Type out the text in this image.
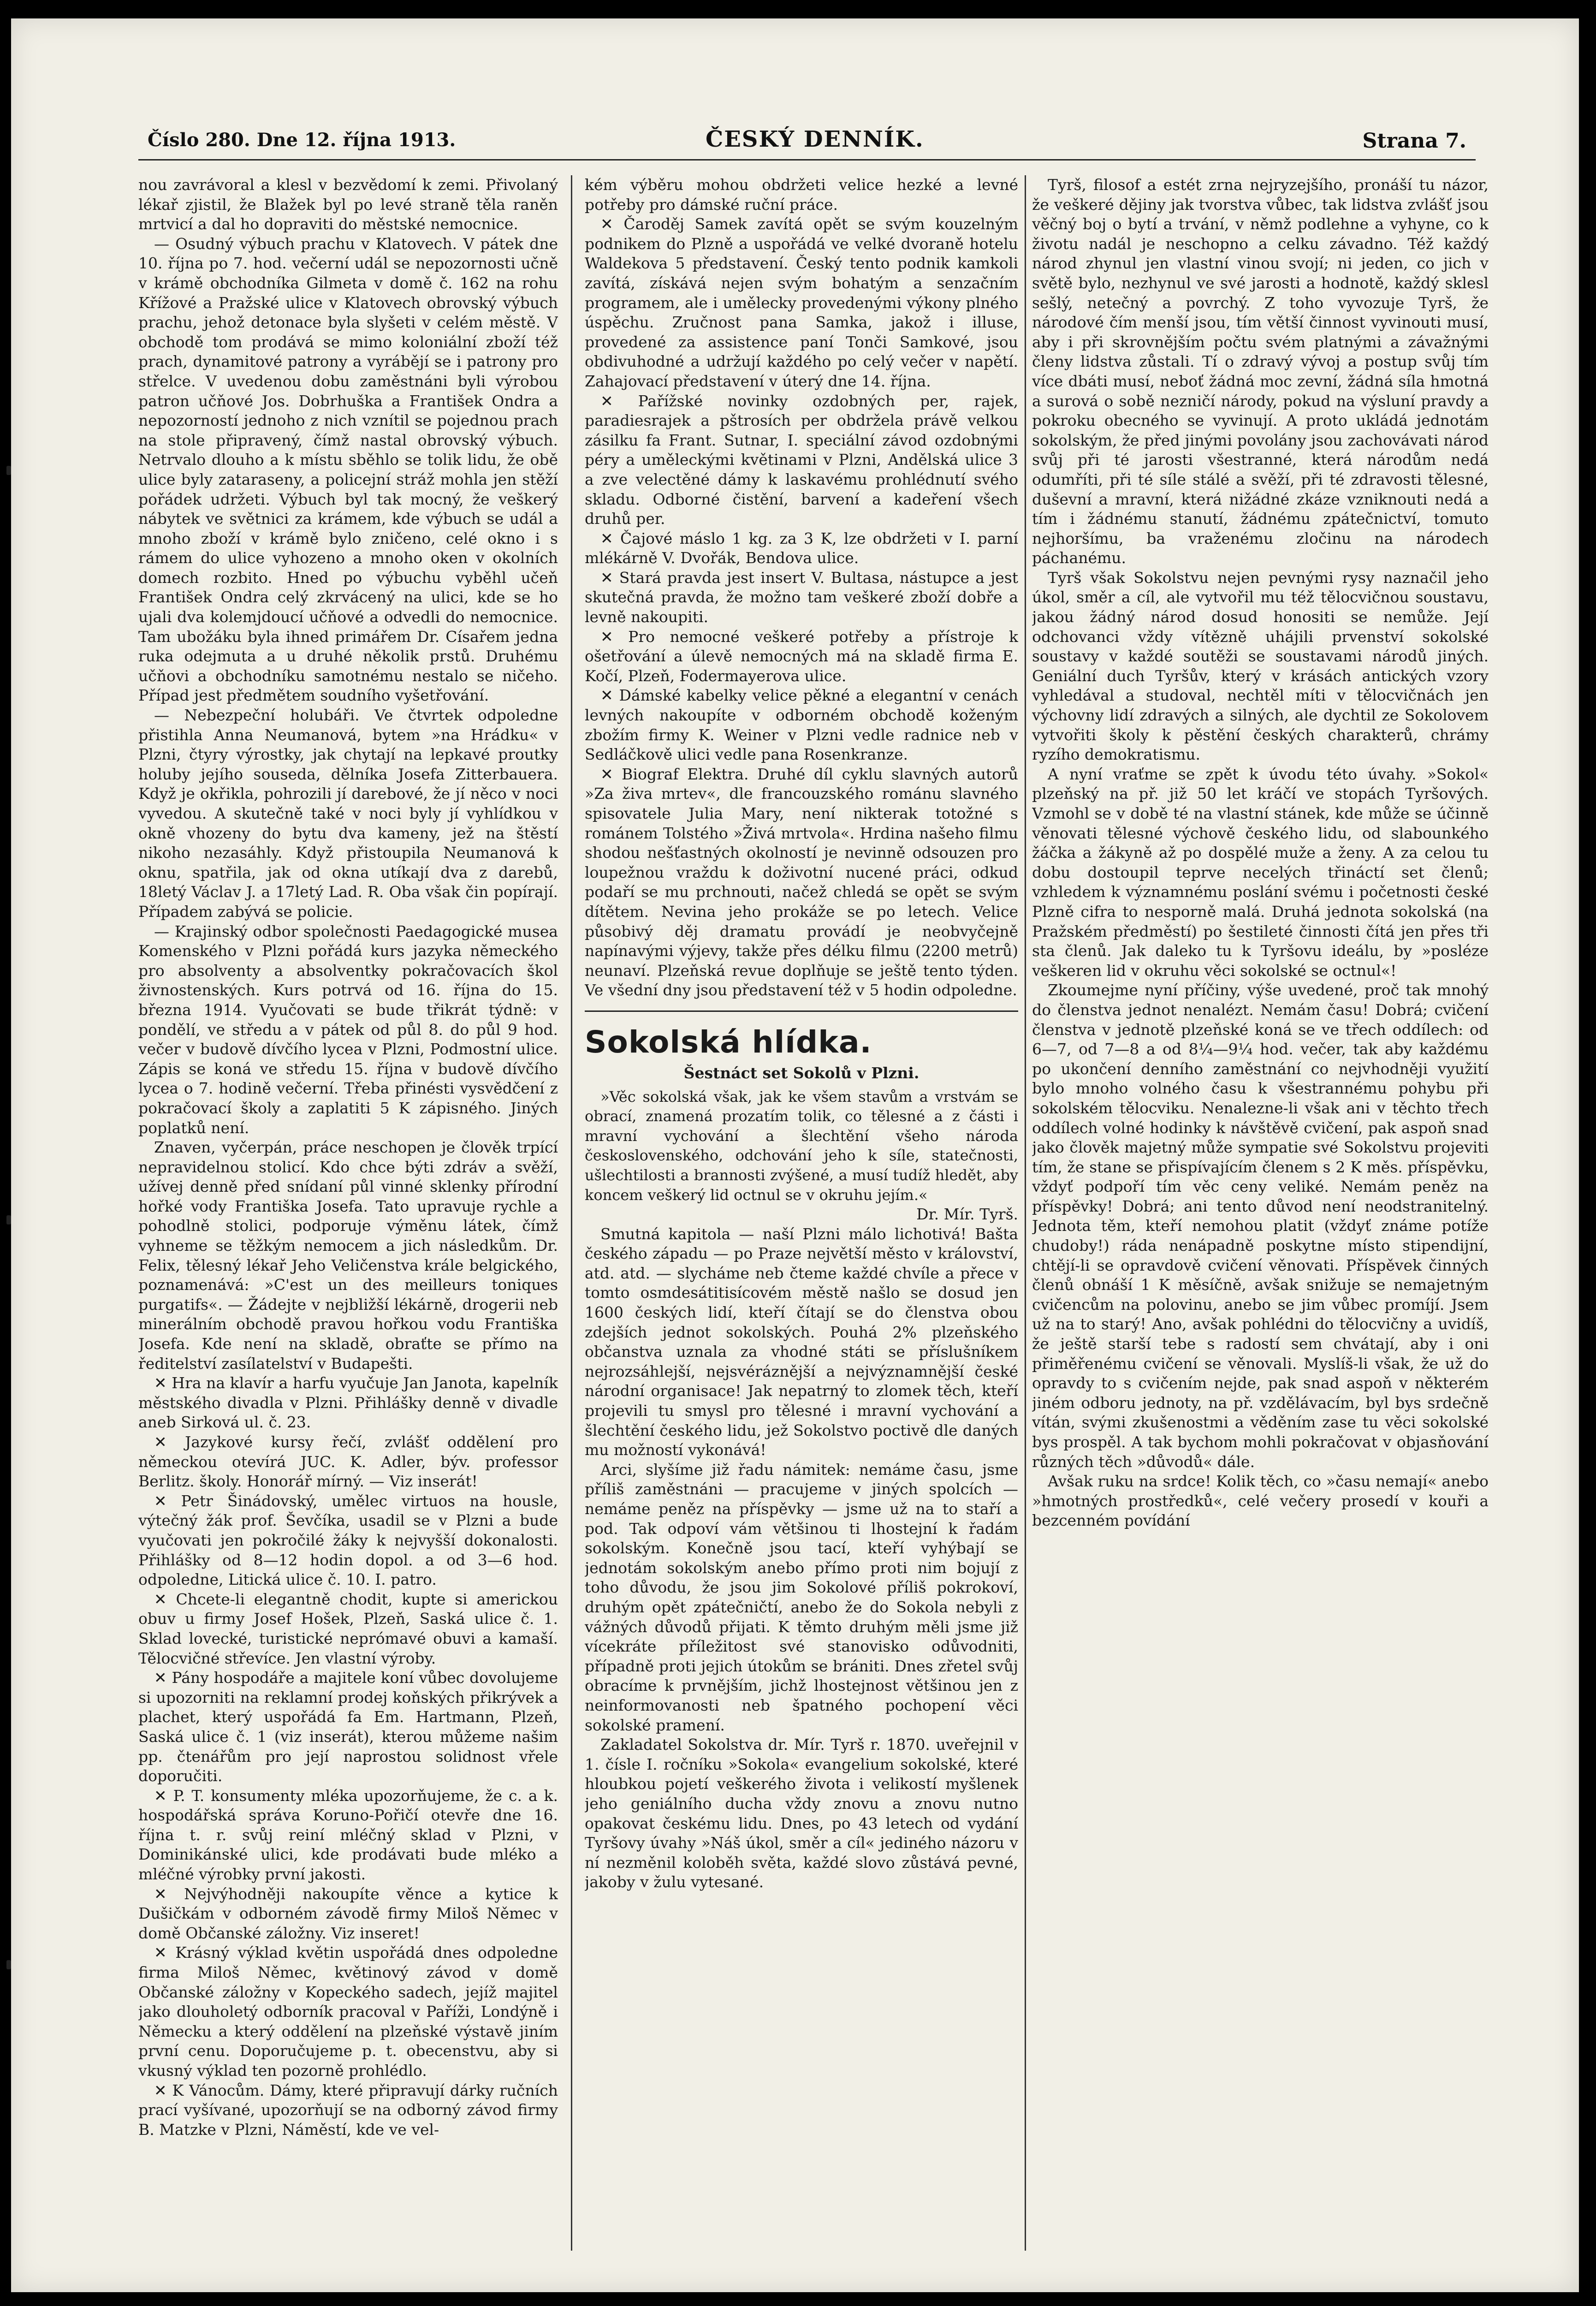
Číslo 280. Dne 12. října 1913.	ČESKÝ DENNÍK.	Strana 7.

nou zavrávoral a klesl v bezvědomí k zemi. Přivolaný lékař zjistil, že Blažek byl po levé straně těla raněn mrtvicí a dal ho dopraviti do městské nemocnice.

— Osudný výbuch prachu v Klatovech. V pátek dne 10. října po 7. hod. večerní udál se nepozornosti učně v krámě obchodníka Gilmeta v domě č. 162 na rohu Křížové a Pražské ulice v Klatovech obrovský výbuch prachu, jehož detonace byla slyšeti v celém městě. V obchodě tom prodává se mimo koloniální zboží též prach, dynamitové patrony a vyrábějí se i patrony pro střelce. V uvedenou dobu zaměstnáni byli výrobou patron učňové Jos. Dobrhuška a František Ondra a nepozorností jednoho z nich vznítil se pojednou prach na stole připravený, čímž nastal obrovský výbuch. Netrvalo dlouho a k místu sběhlo se tolik lidu, že obě ulice byly zataraseny, a policejní stráž mohla jen stěží pořádek udržeti. Výbuch byl tak mocný, že veškerý nábytek ve světnici za krámem, kde výbuch se udál a mnoho zboží v krámě bylo zničeno, celé okno i s rámem do ulice vyhozeno a mnoho oken v okolních domech rozbito. Hned po výbuchu vyběhl učeň František Ondra celý zkrvácený na ulici, kde se ho ujali dva kolemjdoucí učňové a odvedli do nemocnice. Tam ubožáku byla ihned primářem Dr. Císařem jedna ruka odejmuta a u druhé několik prstů. Druhému učňovi a obchodníku samotnému nestalo se ničeho. Případ jest předmětem soudního vyšetřování.

— Nebezpeční holubáři. Ve čtvrtek odpoledne přistihla Anna Neumanová, bytem »na Hrádku« v Plzni, čtyry výrostky, jak chytají na lepkavé proutky holuby jejího souseda, dělníka Josefa Zitterbauera. Když je okřikla, pohrozili jí darebové, že jí něco v noci vyvedou. A skutečně také v noci byly jí vyhlídkou v okně vhozeny do bytu dva kameny, jež na štěstí nikoho nezasáhly. Když přistoupila Neumanová k oknu, spatřila, jak od okna utíkají dva z darebů, 18letý Václav J. a 17letý Lad. R. Oba však čin popírají. Případem zabývá se policie.

— Krajinský odbor společnosti Paedagogické musea Komenského v Plzni pořádá kurs jazyka německého pro absolventy a absolventky pokračovacích škol živnostenských. Kurs potrvá od 16. října do 15. března 1914. Vyučovati se bude třikrát týdně: v pondělí, ve středu a v pátek od půl 8. do půl 9 hod. večer v budově dívčího lycea v Plzni, Podmostní ulice. Zápis se koná ve středu 15. října v budově dívčího lycea o 7. hodině večerní. Třeba přinésti vysvědčení z pokračovací školy a zaplatiti 5 K zápisného. Jiných poplatků není.

Znaven, vyčerpán, práce neschopen je člověk trpící nepravidelnou stolicí. Kdo chce býti zdráv a svěží, užívej denně před snídaní půl vinné sklenky přírodní hořké vody Františka Josefa. Tato upravuje rychle a pohodlně stolici, podporuje výměnu látek, čímž vyhneme se těžkým nemocem a jich následkům. Dr. Felix, tělesný lékař Jeho Veličenstva krále belgického, poznamenává: »C'est un des meilleurs toniques purgatifs«. — Žádejte v nejbližší lékárně, drogerii neb minerálním obchodě pravou hořkou vodu Františka Josefa. Kde není na skladě, obraťte se přímo na ředitelství zasílatelství v Budapešti.

✕ Hra na klavír a harfu vyučuje Jan Janota, kapelník městského divadla v Plzni. Přihlášky denně v divadle aneb Sirková ul. č. 23.

✕ Jazykové kursy řečí, zvlášť oddělení pro německou otevírá JUC. K. Adler, býv. professor Berlitz. školy. Honorář mírný. — Viz inserát!

✕ Petr Šinádovský, umělec virtuos na housle, výtečný žák prof. Ševčíka, usadil se v Plzni a bude vyučovati jen pokročilé žáky k nejvyšší dokonalosti. Přihlášky od 8—12 hodin dopol. a od 3—6 hod. odpoledne, Litická ulice č. 10. I. patro.

✕ Chcete-li elegantně chodit, kupte si americkou obuv u firmy Josef Hošek, Plzeň, Saská ulice č. 1. Sklad lovecké, turistické neprómavé obuvi a kamaší. Tělocvičné střevíce. Jen vlastní výroby.

✕ Pány hospodáře a majitele koní vůbec dovolujeme si upozorniti na reklamní prodej koňských přikrývek a plachet, který uspořádá fa Em. Hartmann, Plzeň, Saská ulice č. 1 (viz inserát), kterou můžeme našim pp. čtenářům pro její naprostou solidnost vřele doporučiti.

✕ P. T. konsumenty mléka upozorňujeme, že c. a k. hospodářská správa Koruno-Pořičí otevře dne 16. října t. r. svůj reiní mléčný sklad v Plzni, v Dominikánské ulici, kde prodávati bude mléko a mléčné výrobky první jakosti.

✕ Nejvýhodněji nakoupíte věnce a kytice k Dušičkám v odborném závodě firmy Miloš Němec v domě Občanské záložny. Viz inseret!

✕ Krásný výklad květin uspořádá dnes odpoledne firma Miloš Němec, květinový závod v domě Občanské záložny v Kopeckého sadech, jejíž majitel jako dlouholetý odborník pracoval v Paříži, Londýně i Německu a který oddělení na plzeňské výstavě jiním první cenu. Doporučujeme p. t. obecenstvu, aby si vkusný výklad ten pozorně prohlédlo.

✕ K Vánocům. Dámy, které připravují dárky ručních prací vyšívané, upozorňují se na odborný závod firmy B. Matzke v Plzni, Náměstí, kde ve vel-

kém výběru mohou obdržeti velice hezké a levné potřeby pro dámské ruční práce.

✕ Čaroděj Samek zavítá opět se svým kouzelným podnikem do Plzně a uspořádá ve velké dvoraně hotelu Waldekova 5 představení. Český tento podnik kamkoli zavítá, získává nejen svým bohatým a senzačním programem, ale i umělecky provedenými výkony plného úspěchu. Zručnost pana Samka, jakož i illuse, provedené za assistence paní Tonči Samkové, jsou obdivuhodné a udržují každého po celý večer v napětí. Zahajovací představení v úterý dne 14. října.

✕ Pařížské novinky ozdobných per, rajek, paradiesrajek a pštrosích per obdržela právě velkou zásilku fa Frant. Sutnar, I. speciální závod ozdobnými péry a uměleckými květinami v Plzni, Andělská ulice 3 a zve velectěné dámy k laskavému prohlédnutí svého skladu. Odborné čistění, barvení a kadeření všech druhů per.

✕ Čajové máslo 1 kg. za 3 K, lze obdržeti v I. parní mlékárně V. Dvořák, Bendova ulice.

✕ Stará pravda jest insert V. Bultasa, nástupce a jest skutečná pravda, že možno tam veškeré zboží dobře a levně nakoupiti.

✕ Pro nemocné veškeré potřeby a přístroje k ošetřování a úlevě nemocných má na skladě firma E. Kočí, Plzeň, Fodermayerova ulice.

✕ Dámské kabelky velice pěkné a elegantní v cenách levných nakoupíte v odborném obchodě koženým zbožím firmy K. Weiner v Plzni vedle radnice neb v Sedláčkově ulici vedle pana Rosenkranze.

✕ Biograf Elektra. Druhé díl cyklu slavných autorů »Za živa mrtev«, dle francouzského románu slavného spisovatele Julia Mary, není nikterak totožné s románem Tolstého »Živá mrtvola«. Hrdina našeho filmu shodou nešťastných okolností je nevinně odsouzen pro loupežnou vraždu k doživotní nucené práci, odkud podaří se mu prchnouti, načež chledá se opět se svým dítětem. Nevina jeho prokáže se po letech. Velice působivý děj dramatu provádí je neobvyčejně napínavými výjevy, takže přes délku filmu (2200 metrů) neunaví. Plzeňská revue doplňuje se ještě tento týden. Ve všední dny jsou představení též v 5 hodin odpoledne.

Sokolská hlídka.

Šestnáct set Sokolů v Plzni.

»Věc sokolská však, jak ke všem stavům a vrstvám se obrací, znamená prozatím tolik, co tělesné a z části i mravní vychování a šlechtění všeho národa československého, odchování jeho k síle, statečnosti, ušlechtilosti a brannosti zvýšené, a musí tudíž hledět, aby koncem veškerý lid octnul se v okruhu jejím.«

Dr. Mír. Tyrš.

Smutná kapitola — naší Plzni málo lichotivá! Bašta českého západu — po Praze největší město v království, atd. atd. — slycháme neb čteme každé chvíle a přece v tomto osmdesátitisícovém městě našlo se dosud jen 1600 českých lidí, kteří čítají se do členstva obou zdejších jednot sokolských. Pouhá 2% plzeňského občanstva uznala za vhodné státi se příslušníkem nejrozsáhlejší, nejsvéráznější a nejvýznamnější české národní organisace! Jak nepatrný to zlomek těch, kteří projevili tu smysl pro tělesné i mravní vychování a šlechtění českého lidu, jež Sokolstvo poctivě dle daných mu možností vykonává!

Arci, slyšíme již řadu námitek: nemáme času, jsme příliš zaměstnáni — pracujeme v jiných spolcích — nemáme peněz na příspěvky — jsme už na to staří a pod. Tak odpoví vám většinou ti lhostejní k řadám sokolským. Konečně jsou tací, kteří vyhýbají se jednotám sokolským anebo přímo proti nim bojují z toho důvodu, že jsou jim Sokolové příliš pokrokoví, druhým opět zpátečničtí, anebo že do Sokola nebyli z vážných důvodů přijati. K těmto druhým měli jsme již vícekráte příležitost své stanovisko odůvodniti, případně proti jejich útokům se brániti. Dnes zřetel svůj obracíme k prvnějším, jichž lhostejnost většinou jen z neinformovanosti neb špatného pochopení věci sokolské pramení.

Zakladatel Sokolstva dr. Mír. Tyrš r. 1870. uveřejnil v 1. čísle I. ročníku »Sokola« evangelium sokolské, které hloubkou pojetí veškerého života i velikostí myšlenek jeho geniálního ducha vždy znovu a znovu nutno opakovat českému lidu. Dnes, po 43 letech od vydání Tyršovy úvahy »Náš úkol, směr a cíl« jediného názoru v ní nezměnil koloběh světa, každé slovo zůstává pevné, jakoby v žulu vytesané.

Tyrš, filosof a estét zrna nejryzejšího, pronáší tu názor, že veškeré dějiny jak tvorstva vůbec, tak lidstva zvlášť jsou věčný boj o bytí a trvání, v němž podlehne a vyhyne, co k životu nadál je neschopno a celku závadno. Též každý národ zhynul jen vlastní vinou svojí; ni jeden, co jich v světě bylo, nezhynul ve své jarosti a hodnotě, každý sklesl sešlý, netečný a povrchý. Z toho vyvozuje Tyrš, že národové čím menší jsou, tím větší činnost vyvinouti musí, aby i při skrovnějším počtu svém platnými a závažnými členy lidstva zůstali. Tí o zdravý vývoj a postup svůj tím více dbáti musí, neboť žádná moc zevní, žádná síla hmotná a surová o sobě nezničí národy, pokud na výsluní pravdy a pokroku obecného se vyvinují. A proto ukládá jednotám sokolským, že před jinými povolány jsou zachovávati národ svůj při té jarosti všestranné, která národům nedá odumříti, při té síle stálé a svěží, při té zdravosti tělesné, duševní a mravní, která nižádné zkáze vzniknouti nedá a tím i žádnému stanutí, žádnému zpátečnictví, tomuto nejhoršímu, ba vraženému zločinu na národech páchanému.

Tyrš však Sokolstvu nejen pevnými rysy naznačil jeho úkol, směr a cíl, ale vytvořil mu též tělocvičnou soustavu, jakou žádný národ dosud honositi se nemůže. Její odchovanci vždy vítězně uhájili prvenství sokolské soustavy v každé soutěži se soustavami národů jiných. Geniální duch Tyršův, který v krásách antických vzory vyhledával a studoval, nechtěl míti v tělocvičnách jen výchovny lidí zdravých a silných, ale dychtil ze Sokolovem vytvořiti školy k pěstění českých charakterů, chrámy ryzího demokratismu.

A nyní vraťme se zpět k úvodu této úvahy. »Sokol« plzeňský na př. již 50 let kráčí ve stopách Tyršových. Vzmohl se v době té na vlastní stánek, kde může se účinně věnovati tělesné výchově českého lidu, od slabounkého žáčka a žákyně až po dospělé muže a ženy. A za celou tu dobu dostoupil teprve necelých třináctí set členů; vzhledem k významnému poslání svému i početnosti české Plzně cifra to nesporně malá. Druhá jednota sokolská (na Pražském předměstí) po šestileté činnosti čítá jen přes tři sta členů. Jak daleko tu k Tyršovu ideálu, by »posléze veškeren lid v okruhu věci sokolské se octnul«!

Zkoumejme nyní příčiny, výše uvedené, proč tak mnohý do členstva jednot nenalézt. Nemám času! Dobrá; cvičení členstva v jednotě plzeňské koná se ve třech oddílech: od 6—7, od 7—8 a od 8¼—9¼ hod. večer, tak aby každému po ukončení denního zaměstnání co nejvhodněji využití bylo mnoho volného času k všestrannému pohybu při sokolském tělocviku. Nenalezne-li však ani v těchto třech oddílech volné hodinky k návštěvě cvičení, pak aspoň snad jako člověk majetný může sympatie své Sokolstvu projeviti tím, že stane se přispívajícím členem s 2 K měs. příspěvku, vždyť podpoří tím věc ceny veliké. Nemám peněz na příspěvky! Dobrá; ani tento důvod není neodstranitelný. Jednota těm, kteří nemohou platit (vždyť známe potíže chudoby!) ráda nenápadně poskytne místo stipendijní, chtějí-li se opravdově cvičení věnovati. Příspěvek činných členů obnáší 1 K měsíčně, avšak snižuje se nemajetným cvičencům na polovinu, anebo se jim vůbec promíjí. Jsem už na to starý! Ano, avšak pohlédni do tělocvičny a uvidíš, že ještě starší tebe s radostí sem chvátají, aby i oni přiměřenému cvičení se věnovali. Myslíš-li však, že už do opravdy to s cvičením nejde, pak snad aspoň v některém jiném odboru jednoty, na př. vzdělávacím, byl bys srdečně vítán, svými zkušenostmi a věděním zase tu věci sokolské bys prospěl. A tak bychom mohli pokračovat v objasňování různých těch »důvodů« dále.

Avšak ruku na srdce! Kolik těch, co »času nemají« anebo »hmotných prostředků«, celé večery prosedí v kouři a bezcenném povídání
